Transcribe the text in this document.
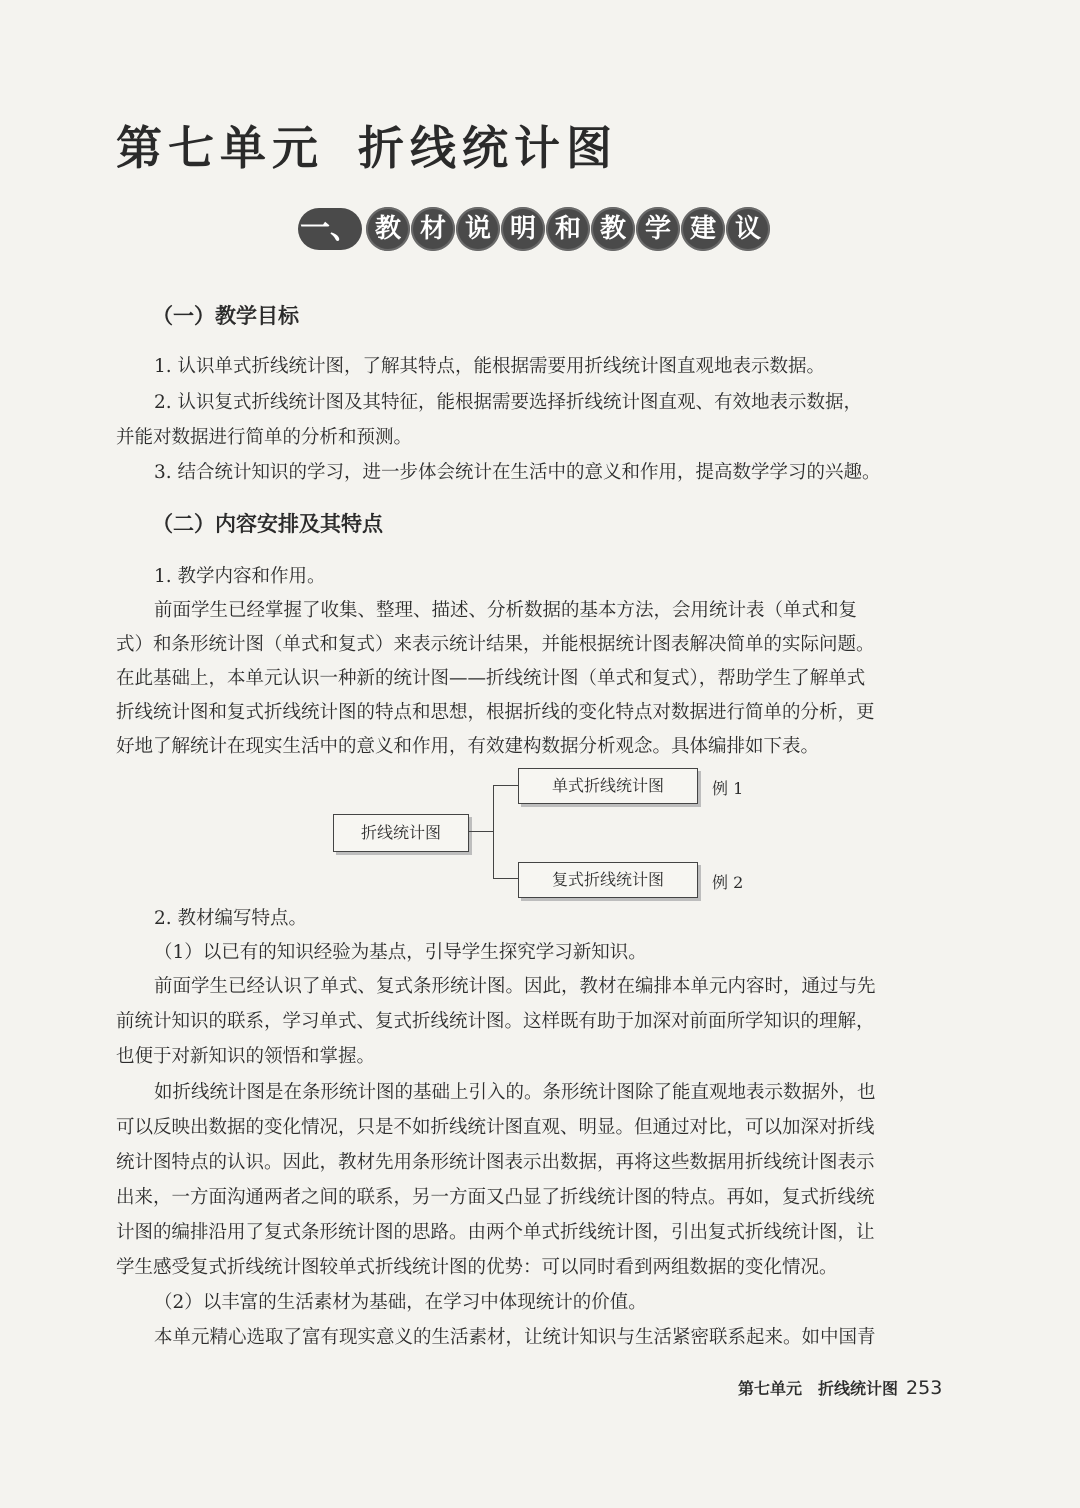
第七单元 折线统计图
一、 教 材 说 明 和 教 学 建 议
（一）教学目标
1. 认识单式折线统计图，了解其特点，能根据需要用折线统计图直观地表示数据。
2. 认识复式折线统计图及其特征，能根据需要选择折线统计图直观、有效地表示数据，
并能对数据进行简单的分析和预测。
3. 结合统计知识的学习，进一步体会统计在生活中的意义和作用，提高数学学习的兴趣。
（二）内容安排及其特点
1. 教学内容和作用。
前面学生已经掌握了收集、整理、描述、分析数据的基本方法，会用统计表（单式和复
式）和条形统计图（单式和复式）来表示统计结果，并能根据统计图表解决简单的实际问题。
在此基础上，本单元认识一种新的统计图——折线统计图（单式和复式），帮助学生了解单式
折线统计图和复式折线统计图的特点和思想，根据折线的变化特点对数据进行简单的分析，更
好地了解统计在现实生活中的意义和作用，有效建构数据分析观念。具体编排如下表。
折线统计图
单式折线统计图	例 1
复式折线统计图	例 2
2. 教材编写特点。
（1）以已有的知识经验为基点，引导学生探究学习新知识。
前面学生已经认识了单式、复式条形统计图。因此，教材在编排本单元内容时，通过与先
前统计知识的联系，学习单式、复式折线统计图。这样既有助于加深对前面所学知识的理解，
也便于对新知识的领悟和掌握。
如折线统计图是在条形统计图的基础上引入的。条形统计图除了能直观地表示数据外，也
可以反映出数据的变化情况，只是不如折线统计图直观、明显。但通过对比，可以加深对折线
统计图特点的认识。因此，教材先用条形统计图表示出数据，再将这些数据用折线统计图表示
出来，一方面沟通两者之间的联系，另一方面又凸显了折线统计图的特点。再如，复式折线统
计图的编排沿用了复式条形统计图的思路。由两个单式折线统计图，引出复式折线统计图，让
学生感受复式折线统计图较单式折线统计图的优势：可以同时看到两组数据的变化情况。
（2）以丰富的生活素材为基础，在学习中体现统计的价值。
本单元精心选取了富有现实意义的生活素材，让统计知识与生活紧密联系起来。如中国青
第七单元 折线统计图 253
